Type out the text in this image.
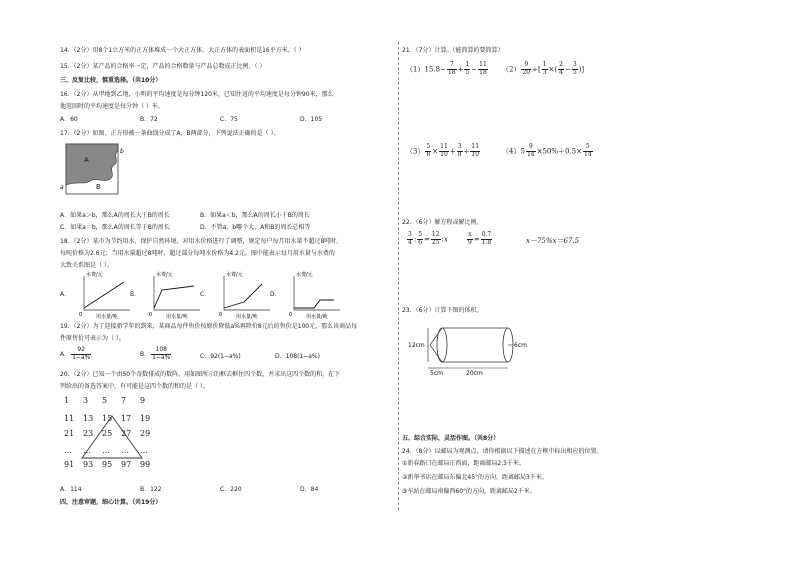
14．（2分）用8个1立方米的正方体堆成一个大正方体，大正方体的表面积是16平方米。（ ）
15．（2分）某产品的合格率一定，产品的合格数量与产品总数成正比例。（ ）
三、反复比较，慎重选择。（共10分）
16．（2分）从甲地到乙地，小明的平均速度是每分钟120米，已知往返的平均速度是每分钟90米，那么
他返回时的平均速度是每分钟（ ）米。
A．60	B．72	C．75	D．105
17．（2分）如图，正方形被一条曲线分成了A，B两部分，下列说法正确的是（ ）。
A
B
b
a
A．如果a＞b，那么A的周长大于B的周长	B．如果a＜b，那么A的周长小于B的周长
C．如果a＝b，那么A的周长等于B的周长	D．不管a、b哪个大，A和B的周长总相等
18．（2分）某市为节约用水，保护自然环境，对用水价格进行了调整，规定每户每月用水量不超过8吨时，
每吨价格为2.6元；当用水量超过8吨时，超过部分每吨水价格为4.2元。图中能表示每月用水量与水费的
大致关系图是（ ）。
A．
水费/元
用水量/吨
0
B．
水费/元
用水量/吨
0
C．
水费/元
用水量/吨
0
D．
水费/元
用水量/吨
0
19．（2分）为了迎接新学年的到来，某商品每件售价按原价降低a%再降价8元后的售价是100元，那么该商品每
件原售价可表示为（ ）。
A． $\frac{92}{1-a\%}$	B． $\frac{108}{1-a\%}$	C．92(1−a%)	D．108(1−a%)
20．（2分）已知一个由50个奇数排成的数阵，用如图所示的框去框住四个数，并求出这四个数的和，在下
列给出的备选答案中，有可能是这四个数的和的是（ ）。
1 3 5 7 9
11 13 15 17 19
21 23 25 27 29
… … … … …
91 93 95 97 99
A．114	B．122	C．220	D．84
四、注意审题，细心计算。（共19分）
21．（7分）计算。（能简算的要简算）
$(1)15.8- \frac{7}{18} + \frac{1}{5} - \frac{11}{18} (2) \frac{9}{20}$ ÷[ $\frac{1}{3}$ ×( $\frac{2}{4} - \frac{3}{5}$ )]
$(3) \frac{5}{8} \times \frac{11}{10} + \frac{3}{8} \div \frac{11}{10}$	$(4)5 \frac{9}{14} \times 50\%+0.5\times \frac{5}{14}$
22．（6分）解方程或解比例。
$\frac{3}{4}$ : $\frac{5}{6} = \frac{12}{25}$ :x	$\frac{x}{9} = \frac{0.7}{1.8}$	x－75%x＝67.5
23．（6分）计算下图的体积。
12cm	6cm
5cm	20cm
五、综合实际，灵活作图。（共8分）
24．（8分）以邮局为观测点，请你根据以下描述在方框中标出相应的位置。
①新春路口在邮局正西面，距离邮局2.5千米。
②新华书店在邮局东偏北45°的方向，距离邮局3千米。
③车站在邮局南偏西60°的方向，距离邮局2千米。
